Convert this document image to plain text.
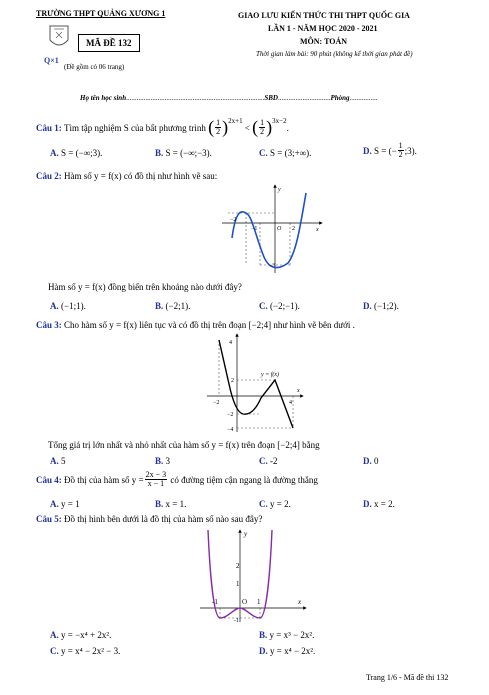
TRƯỜNG THPT QUẢNG XƯƠNG 1
Q×1
MÃ ĐỀ 132
(Đề gồm có 06 trang)
GIAO LƯU KIẾN THỨC THI THPT QUỐC GIA
LẦN 1 - NĂM HỌC 2020 - 2021
MÔN: TOÁN
Thời gian làm bài: 90 phút (không kể thời gian phát đề)
Họ tên học sinh...............................................................................SBD..............................Phòng................
Câu 1:
Tìm tập nghiệm S của bất phương trình
( $\frac{1}{2} )^{2x+1}$

<
( $\frac{1}{2} )^{3x-2}$
.
A. S = (−∞;3).	B. S = (−∞;−3).	C. S = (3;+∞).	D.
S = (− $\frac{1}{2}$ ;3).
Câu 2: Hàm số y = f(x) có đồ thị như hình vẽ sau:
−2
−1	O 2
−3
y
x
Hàm số y = f(x) đồng biến trên khoảng nào dưới đây?
A. (−1;1).	B. (−2;1).	C. (−2;−1).	D. (−1;2).
Câu 3: Cho hàm số y = f(x) liên tục và có đồ thị trên đoạn [−2;4] như hình vẽ bên dưới .
4
2
−2
−4
−2	4
x
y = f(x)
Tổng giá trị lớn nhất và nhỏ nhất của hàm số y = f(x) trên đoạn [−2;4] bằng
A. 5	B. 3	C. -2	D. 0
Câu 4:
Đồ thị của hàm số $y = \frac{2x - 3}{x - 1}$
có đường tiệm cận ngang là đường thẳng
A. y = 1	B. x = 1.	C. y = 2.	D. x = 2.
Câu 5: Đồ thị hình bên dưới là đồ thị của hàm số nào sau đây?
y
2
1
-1	O 1
-1
x
A. y = −x⁴ + 2x².	B. y = x³ − 2x².
C. y = x⁴ − 2x² − 3.	D. y = x⁴ − 2x².
Trang 1/6 - Mã đề thi 132
